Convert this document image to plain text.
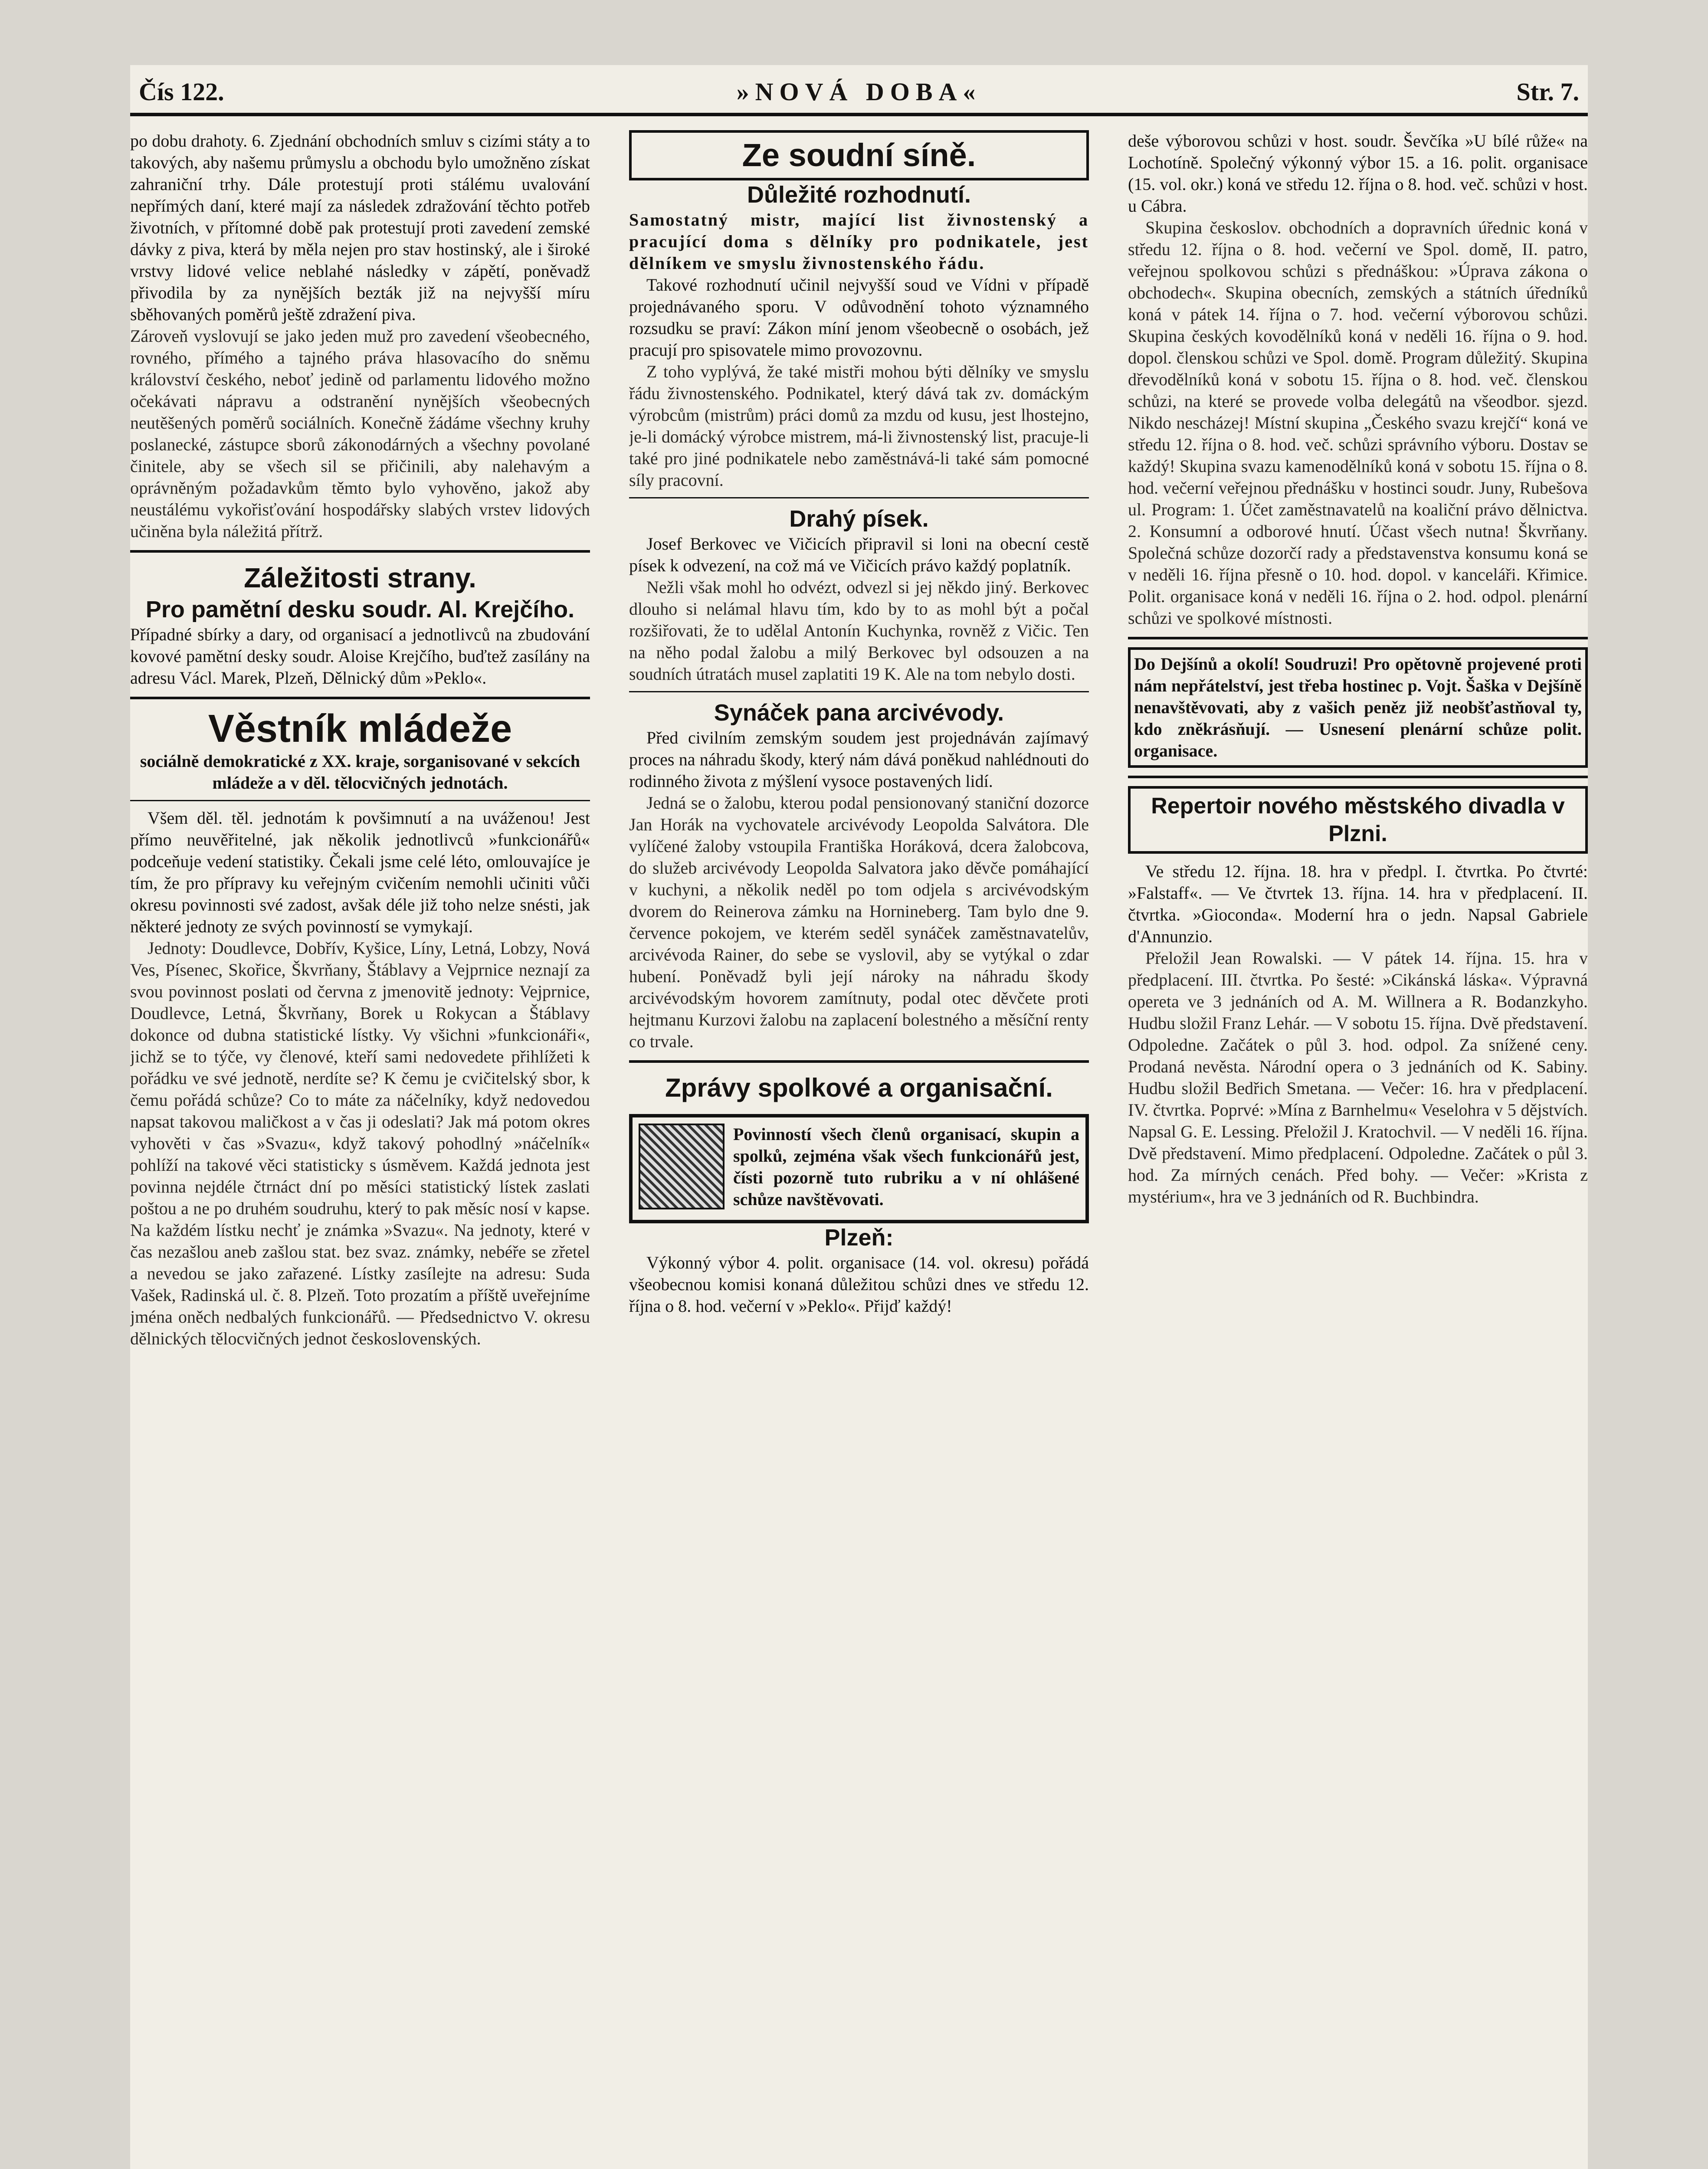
Čís 122.	»NOVÁ DOBA«	Str. 7.

po dobu drahoty. 6. Zjednání obchodních smluv s cizími státy a to takových, aby našemu průmyslu a obchodu bylo umožněno získat zahraniční trhy. Dále protestují proti stálému uvalování nepřímých daní, které mají za následek zdražování těchto potřeb životních, v přítomné době pak protestují proti zavedení zemské dávky z piva, která by měla nejen pro stav hostinský, ale i široké vrstvy lidové velice neblahé následky v zápětí, poněvadž přivodila by za nynějších bezták již na nejvyšší míru sběhovaných poměrů ještě zdražení piva.

Zároveň vyslovují se jako jeden muž pro zavedení všeobecného, rovného, přímého a tajného práva hlasovacího do sněmu království českého, neboť jedině od parlamentu lidového možno očekávati nápravu a odstranění nynějších všeobecných neutěšených poměrů sociálních. Konečně žádáme všechny kruhy poslanecké, zástupce sborů zákonodárných a všechny povolané činitele, aby se všech sil se přičinili, aby nalehavým a oprávněným požadavkům těmto bylo vyhověno, jakož aby neustálému vykořisťování hospodářsky slabých vrstev lidových učiněna byla náležitá přítrž.

Záležitosti strany.
Pro pamětní desku soudr. Al. Krejčího.

Případné sbírky a dary, od organisací a jednotlivců na zbudování kovové pamětní desky soudr. Aloise Krejčího, buďtež zasílány na adresu Václ. Marek, Plzeň, Dělnický dům »Peklo«.

Věstník mládeže

sociálně demokratické z XX. kraje, sorganisované v sekcích mládeže a v děl. tělocvičných jednotách.

Všem děl. těl. jednotám k povšimnutí a na uváženou! Jest přímo neuvěřitelné, jak několik jednotlivců »funkcionářů« podceňuje vedení statistiky. Čekali jsme celé léto, omlouvajíce je tím, že pro přípravy ku veřejným cvičením nemohli učiniti vůči okresu povinnosti své zadost, avšak déle již toho nelze snésti, jak některé jednoty ze svých povinností se vymykají.

Jednoty: Doudlevce, Dobřív, Kyšice, Líny, Letná, Lobzy, Nová Ves, Písenec, Skořice, Škvrňany, Štáblavy a Vejprnice neznají za svou povinnost poslati od června z jmenovitě jednoty: Vejprnice, Doudlevce, Letná, Škvrňany, Borek u Rokycan a Štáblavy dokonce od dubna statistické lístky. Vy všichni »funkcionáři«, jichž se to týče, vy členové, kteří sami nedovedete přihlížeti k pořádku ve své jednotě, nerdíte se? K čemu je cvičitelský sbor, k čemu pořádá schůze? Co to máte za náčelníky, když nedovedou napsat takovou maličkost a v čas ji odeslati? Jak má potom okres vyhověti v čas »Svazu«, když takový pohodlný »náčelník« pohlíží na takové věci statisticky s úsměvem. Každá jednota jest povinna nejdéle čtrnáct dní po měsíci statistický lístek zaslati poštou a ne po druhém soudruhu, který to pak měsíc nosí v kapse. Na každém lístku nechť je známka »Svazu«. Na jednoty, které v čas nezašlou aneb zašlou stat. bez svaz. známky, nebéře se zřetel a nevedou se jako zařazené. Lístky zasílejte na adresu: Suda Vašek, Radinská ul. č. 8. Plzeň. Toto prozatím a příště uveřejníme jména oněch nedbalých funkcionářů. — Předsednictvo V. okresu dělnických tělocvičných jednot československých.

Ze soudní síně.
Důležité rozhodnutí.

Samostatný mistr, mající list živnostenský a pracující doma s dělníky pro podnikatele, jest dělníkem ve smyslu živnostenského řádu.

Takové rozhodnutí učinil nejvyšší soud ve Vídni v případě projednávaného sporu. V odůvodnění tohoto významného rozsudku se praví: Zákon míní jenom všeobecně o osobách, jež pracují pro spisovatele mimo provozovnu.

Z toho vyplývá, že také mistři mohou býti dělníky ve smyslu řádu živnostenského. Podnikatel, který dává tak zv. domáckým výrobcům (mistrům) práci domů za mzdu od kusu, jest lhostejno, je-li domácký výrobce mistrem, má-li živnostenský list, pracuje-li také pro jiné podnikatele nebo zaměstnává-li také sám pomocné síly pracovní.

Drahý písek.

Josef Berkovec ve Vičicích připravil si loni na obecní cestě písek k odvezení, na což má ve Vičicích právo každý poplatník.

Nežli však mohl ho odvézt, odvezl si jej někdo jiný. Berkovec dlouho si nelámal hlavu tím, kdo by to as mohl být a počal rozšiřovati, že to udělal Antonín Kuchynka, rovněž z Vičic. Ten na něho podal žalobu a milý Berkovec byl odsouzen a na soudních útratách musel zaplatiti 19 K. Ale na tom nebylo dosti.

Synáček pana arcivévody.

Před civilním zemským soudem jest projednáván zajímavý proces na náhradu škody, který nám dává poněkud nahlédnouti do rodinného života z mýšlení vysoce postavených lidí.

Jedná se o žalobu, kterou podal pensionovaný staniční dozorce Jan Horák na vychovatele arcivévody Leopolda Salvátora. Dle vylíčené žaloby vstoupila Františka Horáková, dcera žalobcova, do služeb arcivévody Leopolda Salvatora jako děvče pomáhající v kuchyni, a několik neděl po tom odjela s arcivévodským dvorem do Reinerova zámku na Hornineberg. Tam bylo dne 9. července pokojem, ve kterém seděl synáček zaměstnavatelův, arcivévoda Rainer, do sebe se vyslovil, aby se vytýkal o zdar hubení. Poněvadž byli její nároky na náhradu škody arcivévodským hovorem zamítnuty, podal otec děvčete proti hejtmanu Kurzovi žalobu na zaplacení bolestného a měsíční renty co trvale.

Zprávy spolkové a organisační.

Povinností všech členů organisací, skupin a spolků, zejména však všech funkcionářů jest, čísti pozorně tuto rubriku a v ní ohlášené schůze navštěvovati.

Plzeň:

Výkonný výbor 4. polit. organisace (14. vol. okresu) pořádá všeobecnou komisi konaná důležitou schůzi dnes ve středu 12. října o 8. hod. večerní v »Peklo«. Přijď každý!

deše výborovou schůzi v host. soudr. Ševčíka »U bílé růže« na Lochotíně. Společný výkonný výbor 15. a 16. polit. organisace (15. vol. okr.) koná ve středu 12. října o 8. hod. več. schůzi v host. u Cábra.

Skupina českoslov. obchodních a dopravních úřednic koná v středu 12. října o 8. hod. večerní ve Spol. domě, II. patro, veřejnou spolkovou schůzi s přednáškou: »Úprava zákona o obchodech«. Skupina obecních, zemských a státních úředníků koná v pátek 14. října o 7. hod. večerní výborovou schůzi. Skupina českých kovodělníků koná v neděli 16. října o 9. hod. dopol. členskou schůzi ve Spol. domě. Program důležitý. Skupina dřevodělníků koná v sobotu 15. října o 8. hod. več. členskou schůzi, na které se provede volba delegátů na všeodbor. sjezd. Nikdo nescházej! Místní skupina „Českého svazu krejčí“ koná ve středu 12. října o 8. hod. več. schůzi správního výboru. Dostav se každý! Skupina svazu kamenodělníků koná v sobotu 15. října o 8. hod. večerní veřejnou přednášku v hostinci soudr. Juny, Rubešova ul. Program: 1. Účet zaměstnavatelů na koaliční právo dělnictva. 2. Konsumní a odborové hnutí. Účast všech nutna! Škvrňany. Společná schůze dozorčí rady a představenstva konsumu koná se v neděli 16. října přesně o 10. hod. dopol. v kanceláři. Křimice. Polit. organisace koná v neděli 16. října o 2. hod. odpol. plenární schůzi ve spolkové místnosti.

Do Dejšínů a okolí! Soudruzi! Pro opětovně projevené proti nám nepřátelství, jest třeba hostinec p. Vojt. Šaška v Dejšíně nenavštěvovati, aby z vašich peněz již neobšťastňoval ty, kdo zněkrásňují. — Usnesení plenární schůze polit. organisace.

Repertoir nového městského divadla v Plzni.

Ve středu 12. října. 18. hra v předpl. I. čtvrtka. Po čtvrté: »Falstaff«. — Ve čtvrtek 13. října. 14. hra v předplacení. II. čtvrtka. »Gioconda«. Moderní hra o jedn. Napsal Gabriele d'Annunzio.

Přeložil Jean Rowalski. — V pátek 14. října. 15. hra v předplacení. III. čtvrtka. Po šesté: »Cikánská láska«. Výpravná opereta ve 3 jednáních od A. M. Willnera a R. Bodanzkyho. Hudbu složil Franz Lehár. — V sobotu 15. října. Dvě představení. Odpoledne. Začátek o půl 3. hod. odpol. Za snížené ceny. Prodaná nevěsta. Národní opera o 3 jednáních od K. Sabiny. Hudbu složil Bedřich Smetana. — Večer: 16. hra v předplacení. IV. čtvrtka. Poprvé: »Mína z Barnhelmu« Veselohra v 5 dějstvích. Napsal G. E. Lessing. Přeložil J. Kratochvil. — V neděli 16. října. Dvě představení. Mimo předplacení. Odpoledne. Začátek o půl 3. hod. Za mírných cenách. Před bohy. — Večer: »Krista z mystérium«, hra ve 3 jednáních od R. Buchbindra.
